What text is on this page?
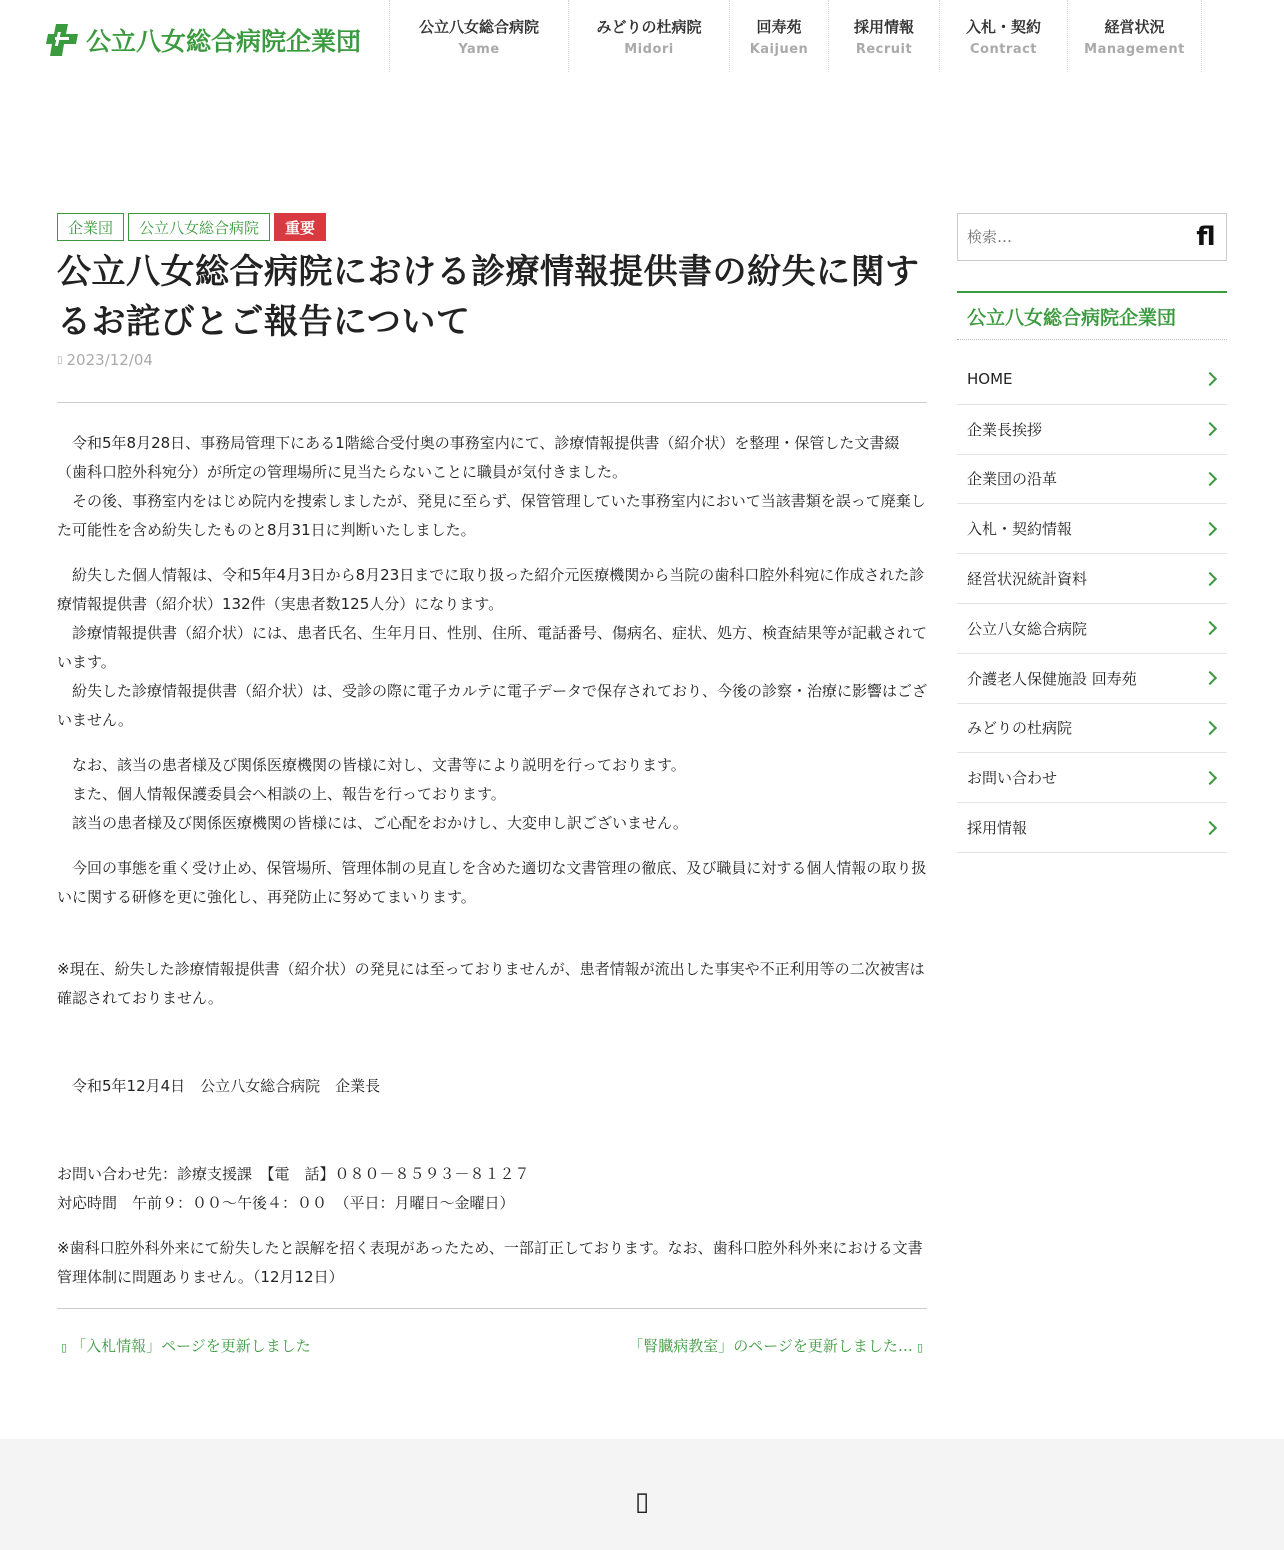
公立八女総合病院企業団
公立八女総合病院
Yame
みどりの杜病院
Midori
回寿苑
Kaijuen
採用情報
Recruit
入札・契約
Contract
経営状況
Management
企業団	公立八女総合病院	重要
公立八女総合病院における診療情報提供書の紛失に関するお詫びとご報告について
▯ 2023/12/04

　令和5年8月28日、事務局管理下にある1階総合受付奥の事務室内にて、診療情報提供書（紹介状）を整理・保管した文書綴（歯科口腔外科宛分）が所定の管理場所に見当たらないことに職員が気付きました。
　その後、事務室内をはじめ院内を捜索しましたが、発見に至らず、保管管理していた事務室内において当該書類を誤って廃棄した可能性を含め紛失したものと8月31日に判断いたしました。

　紛失した個人情報は、令和5年4月3日から8月23日までに取り扱った紹介元医療機関から当院の歯科口腔外科宛に作成された診療情報提供書（紹介状）132件（実患者数125人分）になります。
　診療情報提供書（紹介状）には、患者氏名、生年月日、性別、住所、電話番号、傷病名、症状、処方、検査結果等が記載されています。
　紛失した診療情報提供書（紹介状）は、受診の際に電子カルテに電子データで保存されており、今後の診察・治療に影響はございません。

　なお、該当の患者様及び関係医療機関の皆様に対し、文書等により説明を行っております。
　また、個人情報保護委員会へ相談の上、報告を行っております。
　該当の患者様及び関係医療機関の皆様には、ご心配をおかけし、大変申し訳ございません。

　今回の事態を重く受け止め、保管場所、管理体制の見直しを含めた適切な文書管理の徹底、及び職員に対する個人情報の取り扱いに関する研修を更に強化し、再発防止に努めてまいります。

※現在、紛失した診療情報提供書（紹介状）の発見には至っておりませんが、患者情報が流出した事実や不正利用等の二次被害は確認されておりません。

　令和5年12月4日　公立八女総合病院　企業長

お問い合わせ先：診療支援課　【電　話】０８０－８５９３－８１２７
対応時間　午前９：００～午後４：００　（平日：月曜日～金曜日）

※歯科口腔外科外来にて紛失したと誤解を招く表現があったため、一部訂正しております。なお、歯科口腔外科外来における文書管理体制に問題ありません。（12月12日）

▯ 「入札情報」ページを更新しました	「腎臓病教室」のページを更新しました… ▯
検索…
ﬂ
公立八女総合病院企業団
HOME
企業長挨拶
企業団の沿革
入札・契約情報
経営状況統計資料
公立八女総合病院
介護老人保健施設 回寿苑
みどりの杜病院
お問い合わせ
採用情報
▯
